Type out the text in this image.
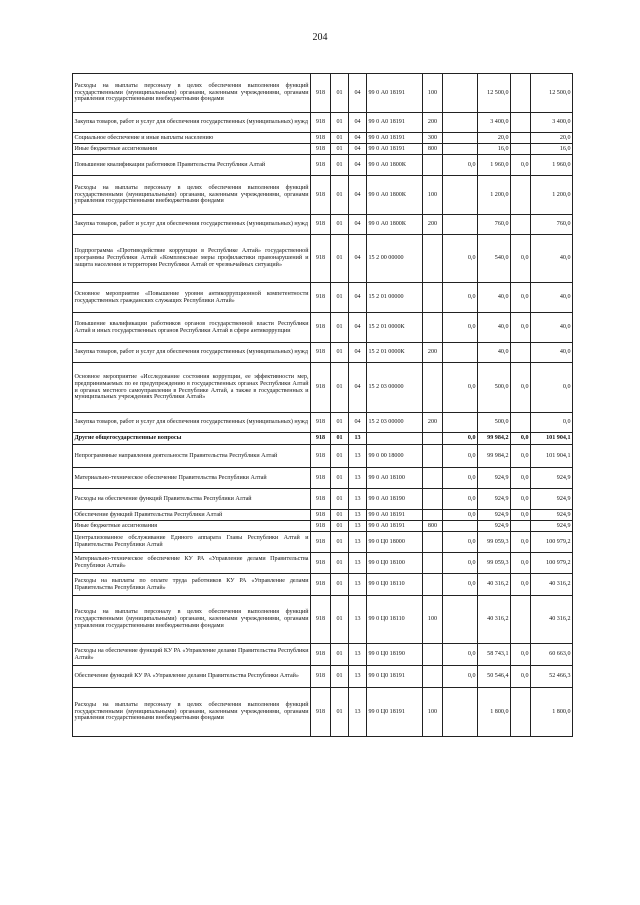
204
Расходы на выплаты персоналу в целях обеспечения выполнения функций государственными (муниципальными) органами, казенными учреждениями, органами управления государственными внебюджетными фондами	918	01	04	99 0 А0 18191	100		12 500,0		12 500,0
Закупка товаров, работ и услуг для обеспечения государственных (муниципальных) нужд	918	01	04	99 0 А0 18191	200		3 400,0		3 400,0
Социальное обеспечение и иные выплаты населению	918	01	04	99 0 А0 18191	300		20,0		20,0
Иные бюджетные ассигнования	918	01	04	99 0 А0 18191	800		16,0		16,0
Повышение квалификации работников Правительства Республики Алтай	918	01	04	99 0 А0 1800К		0,0	1 960,0	0,0	1 960,0
Расходы на выплаты персоналу в целях обеспечения выполнения функций государственными (муниципальными) органами, казенными учреждениями, органами управления государственными внебюджетными фондами	918	01	04	99 0 А0 1800К	100		1 200,0		1 200,0
Закупка товаров, работ и услуг для обеспечения государственных (муниципальных) нужд	918	01	04	99 0 А0 1800К	200		760,0		760,0
Подпрограмма «Противодействие коррупции в Республике Алтай» государственной программы Республики Алтай «Комплексные меры профилактики правонарушений и защита населения и территории Республики Алтай от чрезвычайных ситуаций»	918	01	04	15 2 00 00000		0,0	540,0	0,0	40,0
Основное мероприятие «Повышение уровня антикоррупционной компетентности государственных гражданских служащих Республики Алтай»	918	01	04	15 2 01 00000		0,0	40,0	0,0	40,0
Повышение квалификации работников органов государственной власти Республики Алтай и иных государственных органов Республики Алтай в сфере антикоррупции	918	01	04	15 2 01 0000К		0,0	40,0	0,0	40,0
Закупка товаров, работ и услуг для обеспечения государственных (муниципальных) нужд	918	01	04	15 2 01 0000К	200		40,0		40,0
Основное мероприятие «Исследование состояния коррупции, ее эффективности мер, предпринимаемых по ее предупреждению в государственных органах Республики Алтай и органах местного самоуправления в Республике Алтай, а также в государственных и муниципальных учреждениях Республики Алтай»	918	01	04	15 2 03 00000		0,0	500,0	0,0	0,0
Закупка товаров, работ и услуг для обеспечения государственных (муниципальных) нужд	918	01	04	15 2 03 00000	200		500,0		0,0
Другие общегосударственные вопросы	918	01	13			0,0	99 984,2	0,0	101 904,1
Непрограммные направления деятельности Правительства Республики Алтай	918	01	13	99 0 00 18000		0,0	99 984,2	0,0	101 904,1
Материально-техническое обеспечение Правительства Республики Алтай	918	01	13	99 0 А0 18100		0,0	924,9	0,0	924,9
Расходы на обеспечение функций Правительства Республики Алтай	918	01	13	99 0 А0 18190		0,0	924,9	0,0	924,9
Обеспечение функций Правительства Республики Алтай	918	01	13	99 0 А0 18191		0,0	924,9	0,0	924,9
Иные бюджетные ассигнования	918	01	13	99 0 А0 18191	800		924,9		924,9
Централизованное обслуживание Единого аппарата Главы Республики Алтай и Правительства Республики Алтай	918	01	13	99 0 Ц0 18000		0,0	99 059,3	0,0	100 979,2
Материально-техническое обеспечение КУ РА «Управление делами Правительства Республики Алтай»	918	01	13	99 0 Ц0 18100		0,0	99 059,3	0,0	100 979,2
Расходы на выплаты по оплате труда работников КУ РА «Управление делами Правительства Республики Алтай»	918	01	13	99 0 Ц0 18110		0,0	40 316,2	0,0	40 316,2
Расходы на выплаты персоналу в целях обеспечения выполнения функций государственными (муниципальными) органами, казенными учреждениями, органами управления государственными внебюджетными фондами	918	01	13	99 0 Ц0 18110	100		40 316,2		40 316,2
Расходы на обеспечение функций КУ РА «Управление делами Правительства Республики Алтай»	918	01	13	99 0 Ц0 18190		0,0	58 743,1	0,0	60 663,0
Обеспечение функций КУ РА «Управление делами Правительства Республики Алтай»	918	01	13	99 0 Ц0 18191		0,0	50 546,4	0,0	52 466,3
Расходы на выплаты персоналу в целях обеспечения выполнения функций государственными (муниципальными) органами, казенными учреждениями, органами управления государственными внебюджетными фондами	918	01	13	99 0 Ц0 18191	100		1 800,0		1 800,0
